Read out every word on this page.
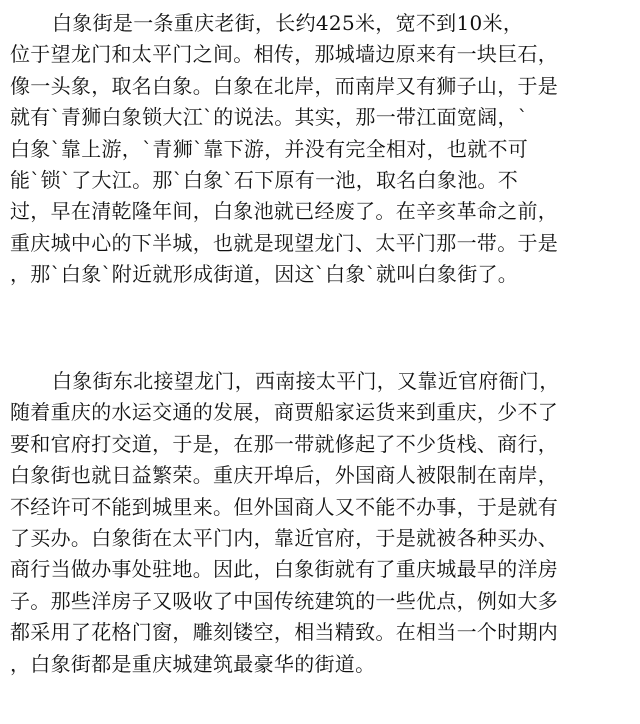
白象街是一条重庆老街，长约425米，宽不到10米，
位于望龙门和太平门之间。相传，那城墙边原来有一块巨石，
像一头象，取名白象。白象在北岸，而南岸又有狮子山，于是
就有`青狮白象锁大江`的说法。其实，那一带江面宽阔，`
白象`靠上游，`青狮`靠下游，并没有完全相对，也就不可
能`锁`了大江。那`白象`石下原有一池，取名白象池。不
过，早在清乾隆年间，白象池就已经废了。在辛亥革命之前，
重庆城中心的下半城，也就是现望龙门、太平门那一带。于是
，那`白象`附近就形成街道，因这`白象`就叫白象街了。
白象街东北接望龙门，西南接太平门，又靠近官府衙门，
随着重庆的水运交通的发展，商贾船家运货来到重庆，少不了
要和官府打交道，于是，在那一带就修起了不少货栈、商行，
白象街也就日益繁荣。重庆开埠后，外国商人被限制在南岸，
不经许可不能到城里来。但外国商人又不能不办事，于是就有
了买办。白象街在太平门内，靠近官府，于是就被各种买办、
商行当做办事处驻地。因此，白象街就有了重庆城最早的洋房
子。那些洋房子又吸收了中国传统建筑的一些优点，例如大多
都采用了花格门窗，雕刻镂空，相当精致。在相当一个时期内
，白象街都是重庆城建筑最豪华的街道。
